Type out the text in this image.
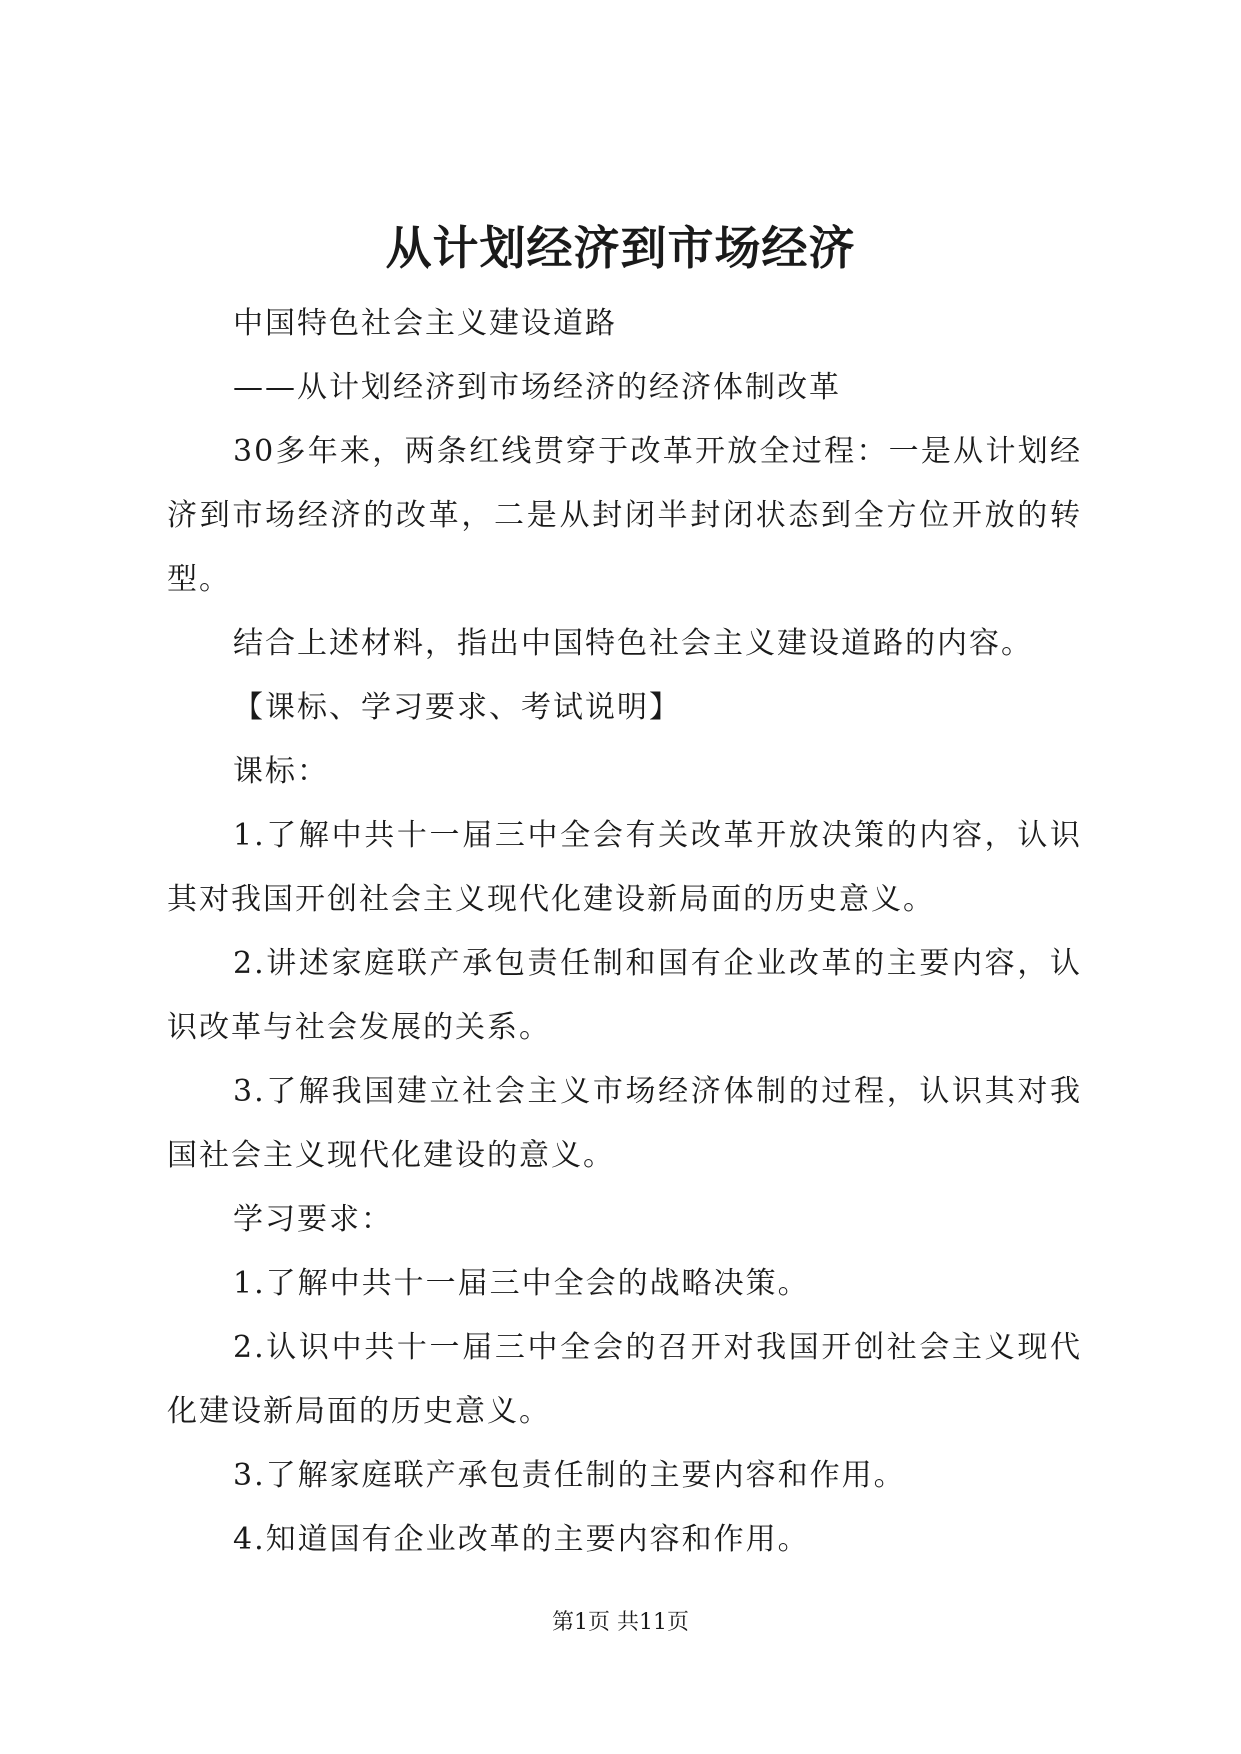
从计划经济到市场经济

中国特色社会主义建设道路

——从计划经济到市场经济的经济体制改革

30多年来，两条红线贯穿于改革开放全过程：一是从计划经济到市场经济的改革，二是从封闭半封闭状态到全方位开放的转型。

结合上述材料，指出中国特色社会主义建设道路的内容。

【课标、学习要求、考试说明】

课标：

1.了解中共十一届三中全会有关改革开放决策的内容，认识其对我国开创社会主义现代化建设新局面的历史意义。

2.讲述家庭联产承包责任制和国有企业改革的主要内容，认识改革与社会发展的关系。

3.了解我国建立社会主义市场经济体制的过程，认识其对我国社会主义现代化建设的意义。

学习要求：

1.了解中共十一届三中全会的战略决策。

2.认识中共十一届三中全会的召开对我国开创社会主义现代化建设新局面的历史意义。

3.了解家庭联产承包责任制的主要内容和作用。

4.知道国有企业改革的主要内容和作用。

第1页 共11页
